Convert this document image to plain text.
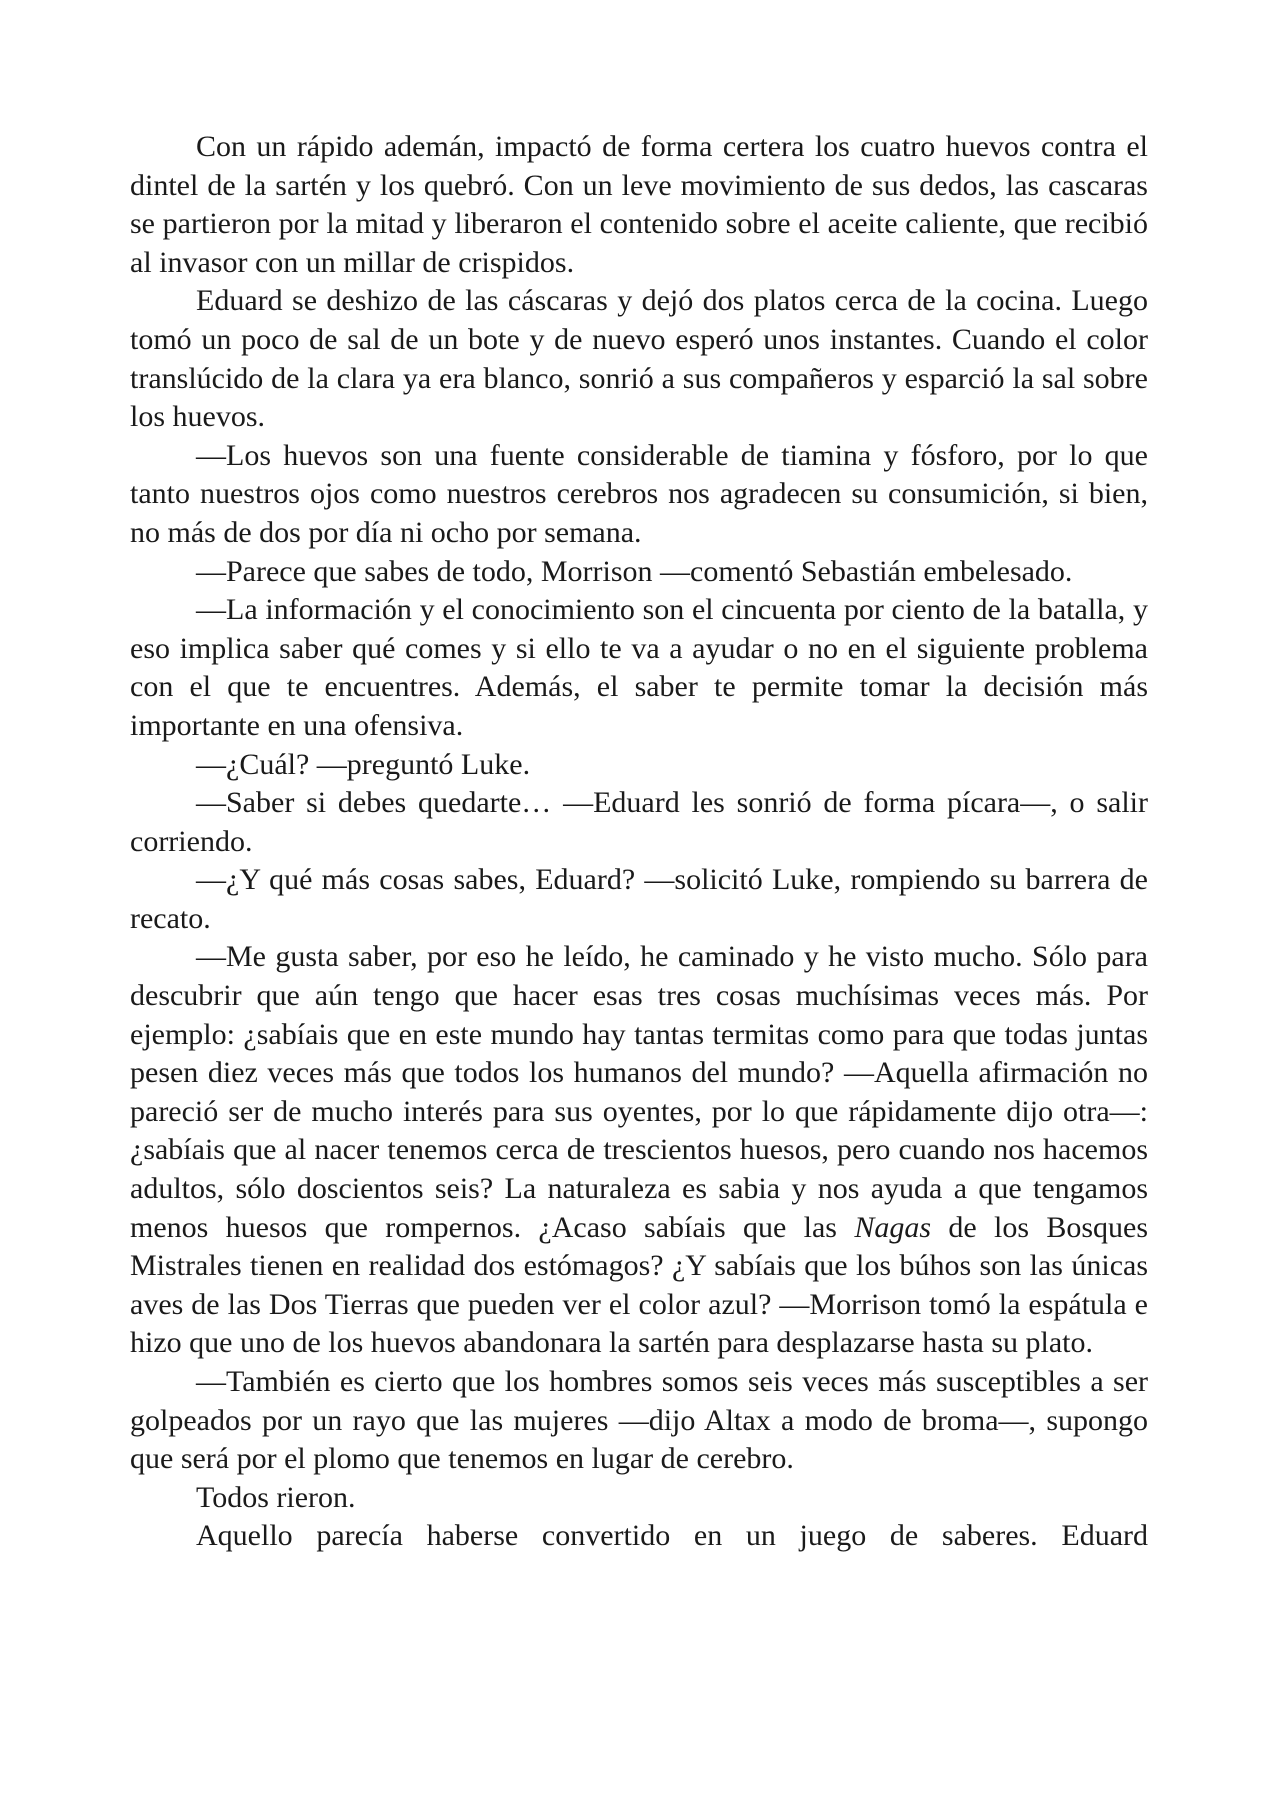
Con un rápido ademán, impactó de forma certera los cuatro huevos contra el dintel de la sartén y los quebró. Con un leve movimiento de sus dedos, las cascaras se partieron por la mitad y liberaron el contenido sobre el aceite caliente, que recibió al invasor con un millar de crispidos.

Eduard se deshizo de las cáscaras y dejó dos platos cerca de la cocina. Luego tomó un poco de sal de un bote y de nuevo esperó unos instantes. Cuando el color translúcido de la clara ya era blanco, sonrió a sus compañeros y esparció la sal sobre los huevos.

—Los huevos son una fuente considerable de tiamina y fósforo, por lo que tanto nuestros ojos como nuestros cerebros nos agradecen su consumición, si bien, no más de dos por día ni ocho por semana.

—Parece que sabes de todo, Morrison —comentó Sebastián embelesado.

—La información y el conocimiento son el cincuenta por ciento de la batalla, y eso implica saber qué comes y si ello te va a ayudar o no en el siguiente problema con el que te encuentres. Además, el saber te permite tomar la decisión más importante en una ofensiva.

—¿Cuál? —preguntó Luke.

—Saber si debes quedarte… —Eduard les sonrió de forma pícara—, o salir corriendo.

—¿Y qué más cosas sabes, Eduard? —solicitó Luke, rompiendo su barrera de recato.

—Me gusta saber, por eso he leído, he caminado y he visto mucho. Sólo para descubrir que aún tengo que hacer esas tres cosas muchísimas veces más. Por ejemplo: ¿sabíais que en este mundo hay tantas termitas como para que todas juntas pesen diez veces más que todos los humanos del mundo? —Aquella afirmación no pareció ser de mucho interés para sus oyentes, por lo que rápidamente dijo otra—: ¿sabíais que al nacer tenemos cerca de trescientos huesos, pero cuando nos hacemos adultos, sólo doscientos seis? La naturaleza es sabia y nos ayuda a que tengamos menos huesos que rompernos. ¿Acaso sabíais que las Nagas de los Bosques Mistrales tienen en realidad dos estómagos? ¿Y sabíais que los búhos son las únicas aves de las Dos Tierras que pueden ver el color azul? —Morrison tomó la espátula e hizo que uno de los huevos abandonara la sartén para desplazarse hasta su plato.

—También es cierto que los hombres somos seis veces más susceptibles a ser golpeados por un rayo que las mujeres —dijo Altax a modo de broma—, supongo que será por el plomo que tenemos en lugar de cerebro.

Todos rieron.

Aquello parecía haberse convertido en un juego de saberes. Eduard
